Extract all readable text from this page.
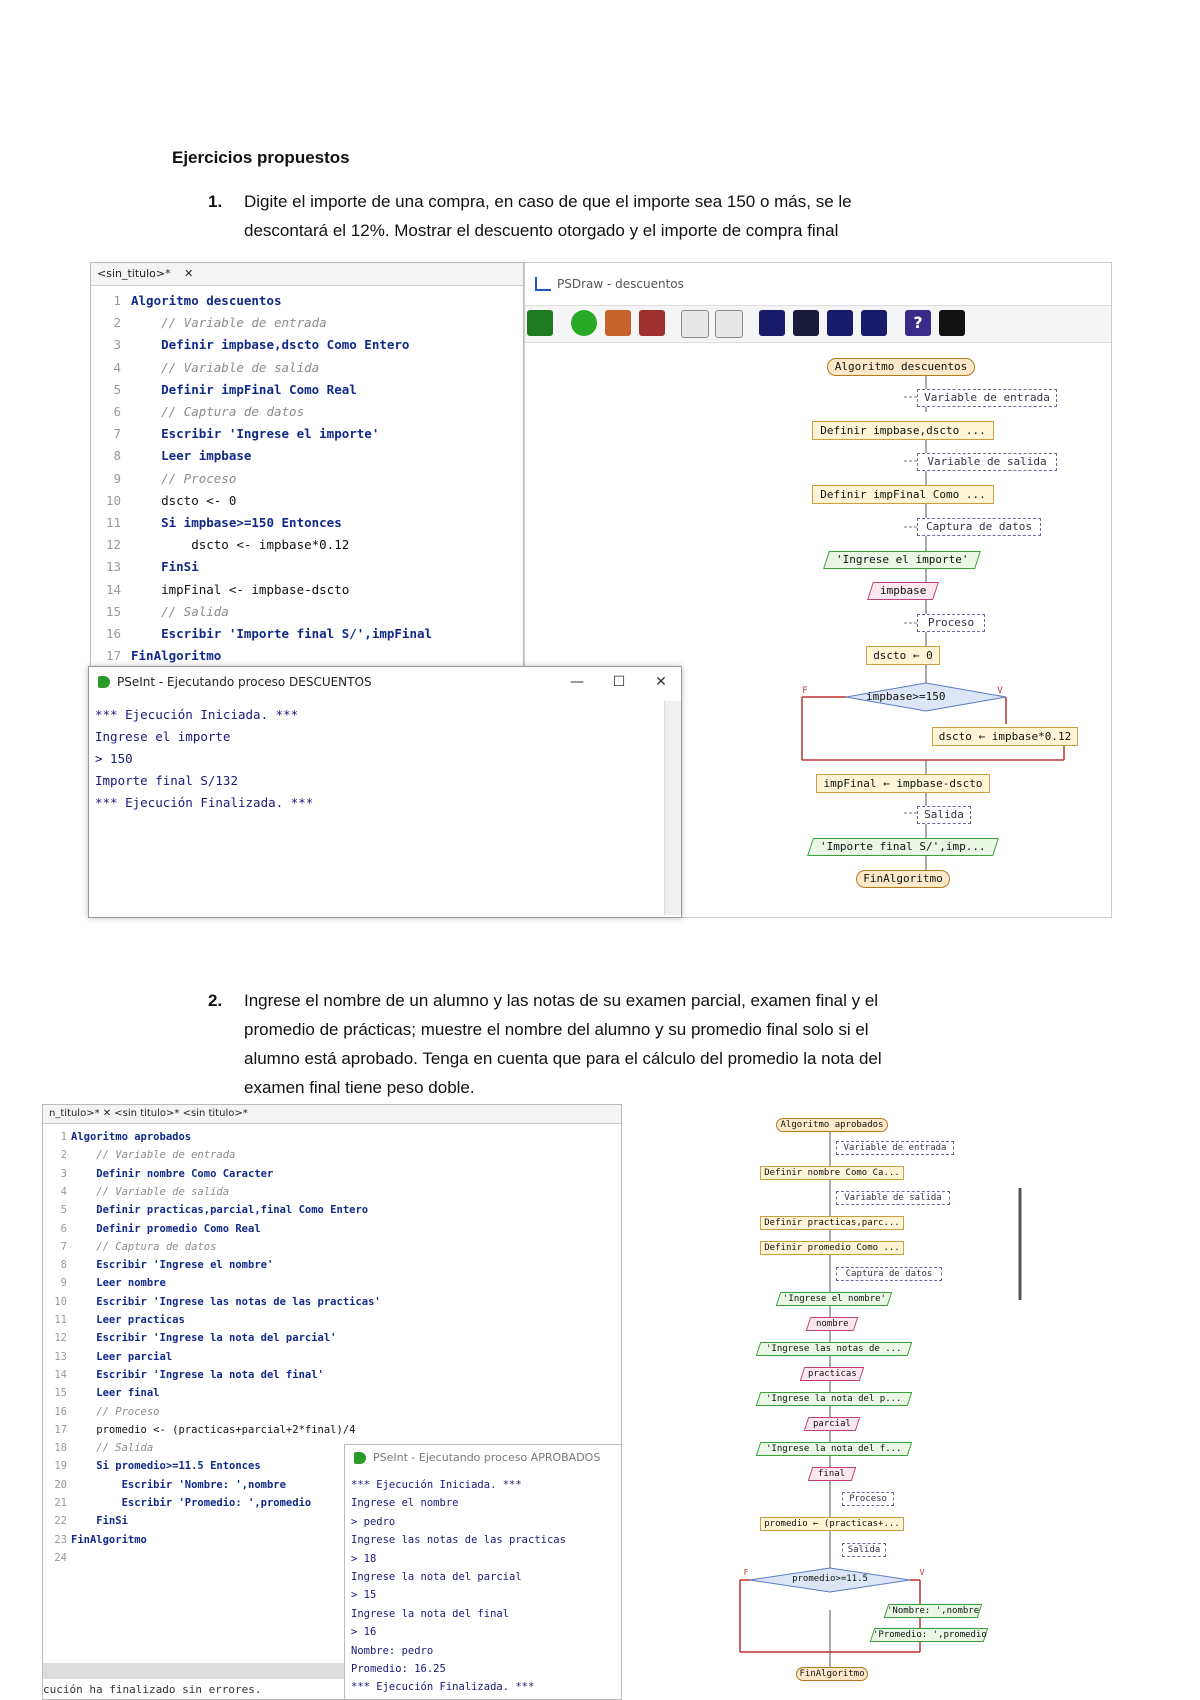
Ejercicios propuestos
1. Digite el importe de una compra, en caso de que el importe sea 150 o más, se le
descontará el 12%. Mostrar el descuento otorgado y el importe de compra final
<sin_titulo>* ✕
1 Algoritmo descuentos
2 // Variable de entrada
3 Definir impbase,dscto Como Entero
4 // Variable de salida
5 Definir impFinal Como Real
6 // Captura de datos
7 Escribir 'Ingrese el importe'
8 Leer impbase
9 // Proceso
10 dscto <- 0
11 Si impbase>=150 Entonces
12 dscto <- impbase*0.12
13 FinSi
14 impFinal <- impbase-dscto
15 // Salida
16 Escribir 'Importe final S/',impFinal
17 FinAlgoritmo
PSDraw - descuentos
?
Algoritmo descuentos
Variable de entrada
Definir impbase,dscto ...
Variable de salida
Definir impFinal Como ...
Captura de datos
'Ingrese el importe'
impbase
Proceso
dscto ← 0
impbase>=150
F	V
dscto ← impbase*0.12
impFinal ← impbase-dscto
Salida
'Importe final S/',imp...
FinAlgoritmo
PSeInt - Ejecutando proceso DESCUENTOS	—	☐	✕
*** Ejecución Iniciada. ***
Ingrese el importe
> 150
Importe final S/132
*** Ejecución Finalizada. ***
2. Ingrese el nombre de un alumno y las notas de su examen parcial, examen final y el
promedio de prácticas; muestre el nombre del alumno y su promedio final solo si el
alumno está aprobado. Tenga en cuenta que para el cálculo del promedio la nota del
examen final tiene peso doble.
n_titulo>* ✕ <sin titulo>* <sin titulo>*
1 Algoritmo aprobados
2 // Variable de entrada
3 Definir nombre Como Caracter
4 // Variable de salida
5 Definir practicas,parcial,final Como Entero
6 Definir promedio Como Real
7 // Captura de datos
8 Escribir 'Ingrese el nombre'
9 Leer nombre
10 Escribir 'Ingrese las notas de las practicas'
11 Leer practicas
12 Escribir 'Ingrese la nota del parcial'
13 Leer parcial
14 Escribir 'Ingrese la nota del final'
15 Leer final
16 // Proceso
17 promedio <- (practicas+parcial+2*final)/4
18 // Salida
19 Si promedio>=11.5 Entonces
20 Escribir 'Nombre: ',nombre
21 Escribir 'Promedio: ',promedio
22 FinSi
23 FinAlgoritmo
24
cución ha finalizado sin errores.
PSeInt - Ejecutando proceso APROBADOS
*** Ejecución Iniciada. ***
Ingrese el nombre
> pedro
Ingrese las notas de las practicas
> 18
Ingrese la nota del parcial
> 15
Ingrese la nota del final
> 16
Nombre: pedro
Promedio: 16.25
*** Ejecución Finalizada. ***
Algoritmo aprobados
Variable de entrada
Definir nombre Como Ca...
Variable de salida
Definir practicas,parc...
Definir promedio Como ...
Captura de datos
'Ingrese el nombre'
nombre
'Ingrese las notas de ...
practicas
'Ingrese la nota del p...
parcial
'Ingrese la nota del f...
final
Proceso
promedio ← (practicas+...
Salida
promedio>=11.5
F	V
'Nombre: ',nombre
'Promedio: ',promedio
FinAlgoritmo
